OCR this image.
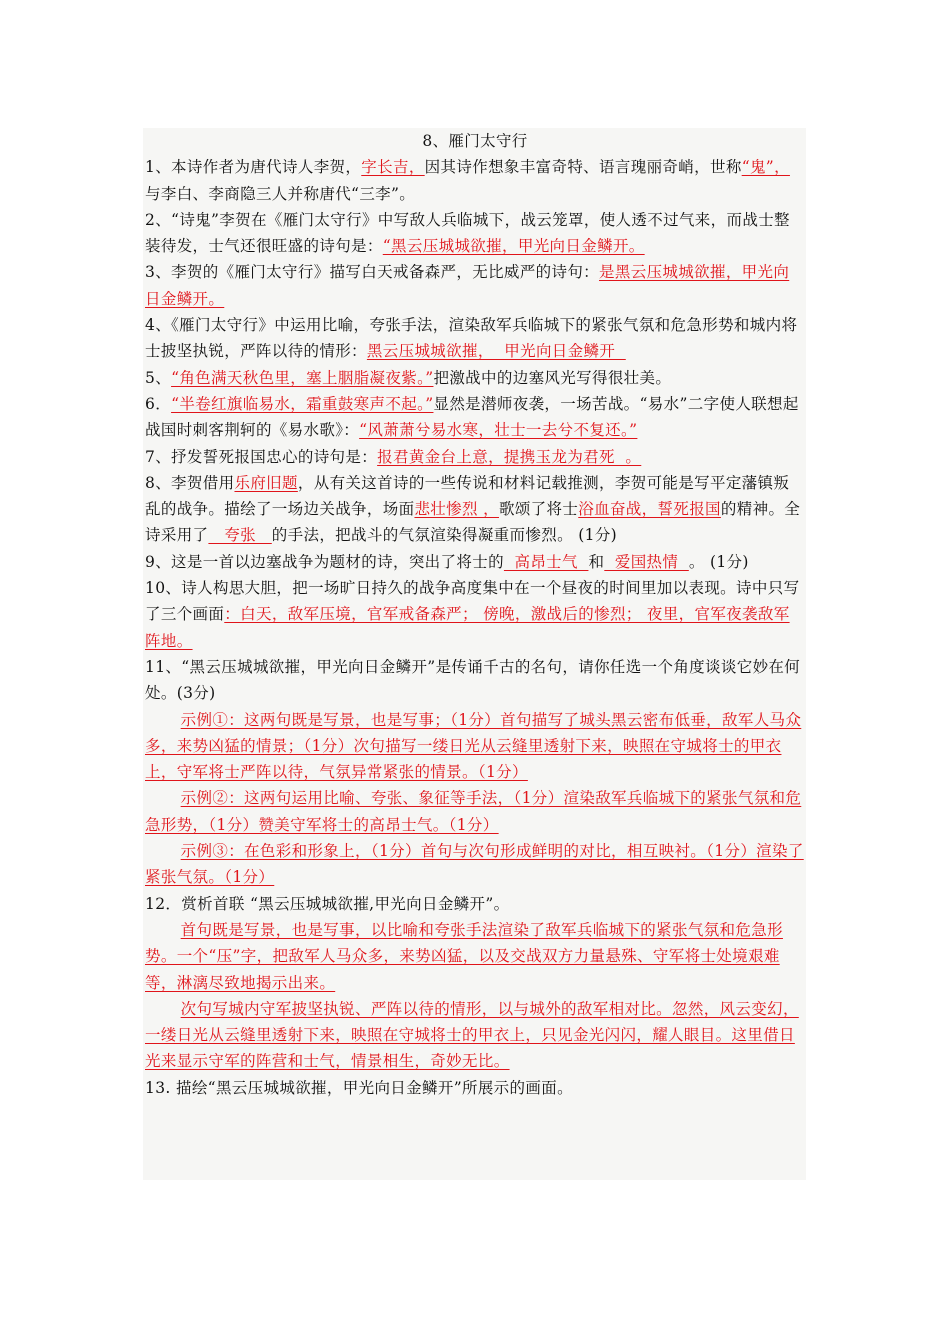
8、雁门太守行

1、本诗作者为唐代诗人李贺，字长吉，因其诗作想象丰富奇特、语言瑰丽奇峭，世称“鬼”，与李白、李商隐三人并称唐代“三李”。

2、“诗鬼”李贺在《雁门太守行》中写敌人兵临城下，战云笼罩，使人透不过气来，而战士整装待发，士气还很旺盛的诗句是：“黑云压城城欲摧，甲光向日金鳞开。

3、李贺的《雁门太守行》描写白天戒备森严，无比威严的诗句：是黑云压城城欲摧，甲光向日金鳞开。

4、《雁门太守行》中运用比喻，夸张手法，渲染敌军兵临城下的紧张气氛和危急形势和城内将士披坚执锐，严阵以待的情形：黑云压城城欲摧，  甲光向日金鳞开

5、“角色满天秋色里，塞上胭脂凝夜紫。”把激战中的边塞风光写得很壮美。

6．“半卷红旗临易水，霜重鼓寒声不起。”显然是潜师夜袭，一场苦战。“易水”二字使人联想起战国时刺客荆轲的《易水歌》：“风萧萧兮易水寒，壮士一去兮不复还。”

7、抒发誓死报国忠心的诗句是：报君黄金台上意，提携玉龙为君死  。

8、李贺借用乐府旧题，从有关这首诗的一些传说和材料记载推测，李贺可能是写平定藩镇叛乱的战争。描绘了一场边关战争，场面悲壮惨烈 ，歌颂了将士浴血奋战，誓死报国的精神。全诗采用了   夸张   的手法，把战斗的气氛渲染得凝重而惨烈。 (1分)

9、这是一首以边塞战争为题材的诗，突出了将士的  高昂士气  和  爱国热情  。 (1分)

10、诗人构思大胆，把一场旷日持久的战争高度集中在一个昼夜的时间里加以表现。诗中只写了三个画面：白天，敌军压境，官军戒备森严； 傍晚，激战后的惨烈； 夜里，官军夜袭敌军阵地。

11、“黑云压城城欲摧，甲光向日金鳞开”是传诵千古的名句，请你任选一个角度谈谈它妙在何处。(3分)

示例①：这两句既是写景，也是写事；（1分）首句描写了城头黑云密布低垂，敌军人马众多，来势凶猛的情景；（1分）次句描写一缕日光从云缝里透射下来，映照在守城将士的甲衣上，守军将士严阵以待，气氛异常紧张的情景。（1分）

示例②：这两句运用比喻、夸张、象征等手法，（1分）渲染敌军兵临城下的紧张气氛和危急形势，（1分）赞美守军将士的高昂士气。（1分）

示例③：在色彩和形象上，（1分）首句与次句形成鲜明的对比，相互映衬。（1分）渲染了紧张气氛。（1分）

12．赏析首联 “黑云压城城欲摧,甲光向日金鳞开”。

首句既是写景，也是写事，以比喻和夸张手法渲染了敌军兵临城下的紧张气氛和危急形势。一个“压”字，把敌军人马众多，来势凶猛，以及交战双方力量悬殊、守军将士处境艰难等，淋漓尽致地揭示出来。

次句写城内守军披坚执锐、严阵以待的情形，以与城外的敌军相对比。忽然，风云变幻，一缕日光从云缝里透射下来，映照在守城将士的甲衣上，只见金光闪闪，耀人眼目。这里借日光来显示守军的阵营和士气，情景相生，奇妙无比。

13. 描绘“黑云压城城欲摧，甲光向日金鳞开”所展示的画面。
